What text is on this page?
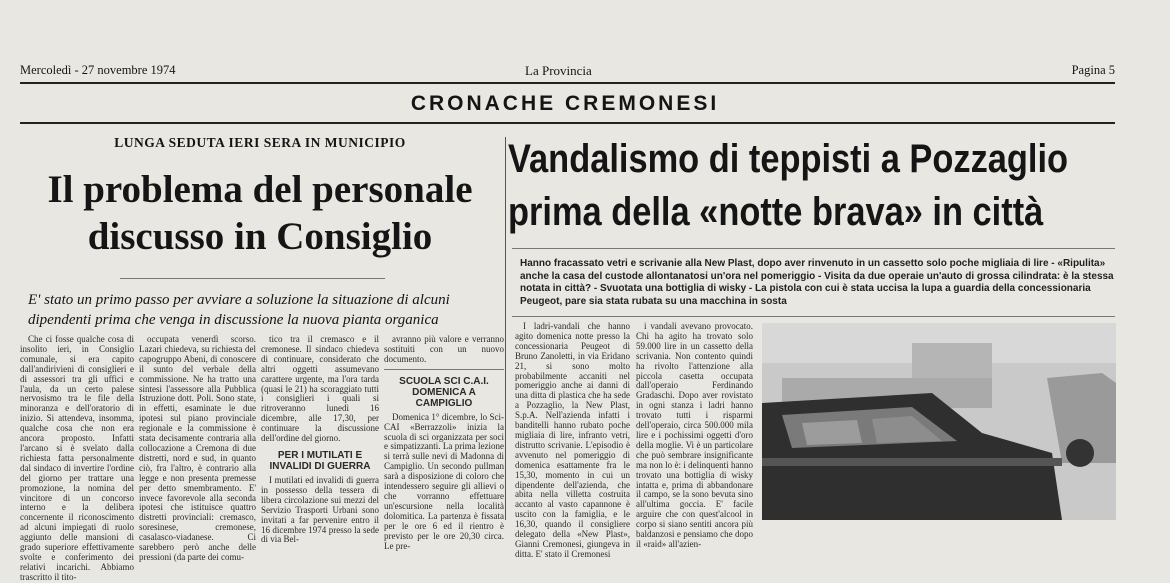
Mercoledì - 27 novembre 1974	La Provincia	Pagina 5
CRONACHE CREMONESI
LUNGA SEDUTA IERI SERA IN MUNICIPIO
Il problema del personale
discusso in Consiglio
E' stato un primo passo per avviare a soluzione la situazione di alcuni
dipendenti prima che venga in discussione la nuova pianta organica

Che ci fosse qualche cosa di insolito ieri, in Consiglio comunale, si era capito dall'andirivieni di consiglieri e di assessori tra gli uffici e l'aula, da un certo palese nervosismo tra le file della minoranza e dell'oratorio di inizio. Si attendeva, insomma, qualche cosa che non era ancora proposto. Infatti l'arcano si è svelato dalla richiesta fatta personalmente dal sindaco di invertire l'ordine del giorno per trattare una promozione, la nomina del vincitore di un concorso interno e la delibera concernente il riconoscimento ad alcuni impiegati di ruolo aggiunto delle mansioni di grado superiore effettivamente svolte e conferimento dei relativi incarichi. Abbiamo trascritto il tito-

occupata venerdì scorso. Lazari chiedeva, su richiesta del capogruppo Abeni, di conoscere il sunto del verbale della commissione. Ne ha tratto una sintesi l'assessore alla Pubblica Istruzione dott. Poli. Sono state, in effetti, esaminate le due ipotesi sul piano provinciale regionale e la commissione è stata decisamente contraria alla collocazione a Cremona di due distretti, nord e sud, in quanto ciò, fra l'altro, è contrario alla legge e non presenta premesse per detto smembramento. E' invece favorevole alla seconda ipotesi che istituisce quattro distretti provinciali: cremasco, soresinese, cremonese, casalasco-viadanese. Ci sarebbero però anche delle pressioni (da parte dei comu-

tico tra il cremasco e il cremonese. Il sindaco chiedeva di continuare, considerato che altri oggetti assumevano carattere urgente, ma l'ora tarda (quasi le 21) ha scoraggiato tutti i consiglieri i quali si ritroveranno lunedì 16 dicembre, alle 17,30, per continuare la discussione dell'ordine del giorno.

PER I MUTILATI E INVALIDI DI GUERRA

I mutilati ed invalidi di guerra in possesso della tessera di libera circolazione sui mezzi del Servizio Trasporti Urbani sono invitati a far pervenire entro il 16 dicembre 1974 presso la sede di via Bel-

avranno più valore e verranno sostituiti con un nuovo documento.

SCUOLA SCI C.A.I. DOMENICA A CAMPIGLIO

Domenica 1° dicembre, lo Sci-CAI «Berrazzoli» inizia la scuola di sci organizzata per soci e simpatizzanti. La prima lezione si terrà sulle nevi di Madonna di Campiglio. Un secondo pullman sarà a disposizione di coloro che intendessero seguire gli allievi o che vorranno effettuare un'escursione nella località dolomitica. La partenza è fissata per le ore 6 ed il rientro è previsto per le ore 20,30 circa. Le pre-

Vandalismo di teppisti a Pozzaglio
prima della «notte brava» in città
Hanno fracassato vetri e scrivanie alla New Plast, dopo aver rinvenuto in un cassetto solo poche migliaia di lire - «Ripulita» anche la casa del custode allontanatosi un'ora nel pomeriggio - Visita da due operaie un'auto di grossa cilindrata: è la stessa notata in città? - Svuotata una bottiglia di wisky - La pistola con cui è stata uccisa la lupa a guardia della concessionaria Peugeot, pare sia stata rubata su una macchina in sosta

I ladri-vandali che hanno agito domenica notte presso la concessionaria Peugeot di Bruno Zanoletti, in via Eridano 21, si sono molto probabilmente accaniti nel pomeriggio anche ai danni di una ditta di plastica che ha sede a Pozzaglio, la New Plast, S.p.A. Nell'azienda infatti i banditelli hanno rubato poche migliaia di lire, infranto vetri, distrutto scrivanie. L'episodio è avvenuto nel pomeriggio di domenica esattamente fra le 15,30, momento in cui un dipendente dell'azienda, che abita nella villetta costruita accanto al vasto capannone è uscito con la famiglia, e le 16,30, quando il consigliere delegato della «New Plast», Gianni Cremonesi, giungeva in ditta. E' stato il Cremonesi

i vandali avevano provocato. Chi ha agito ha trovato solo 59.000 lire in un cassetto della scrivania. Non contento quindi ha rivolto l'attenzione alla piccola casetta occupata dall'operaio Ferdinando Gradaschi. Dopo aver rovistato in ogni stanza i ladri hanno trovato tutti i risparmi dell'operaio, circa 500.000 mila lire e i pochissimi oggetti d'oro della moglie. Vi è un particolare che può sembrare insignificante ma non lo è: i delinquenti hanno trovato una bottiglia di wisky intatta e, prima di abbandonare il campo, se la sono bevuta sino all'ultima goccia. E' facile arguire che con quest'alcool in corpo si siano sentiti ancora più baldanzosi e pensiamo che dopo il «raid» all'azien-
